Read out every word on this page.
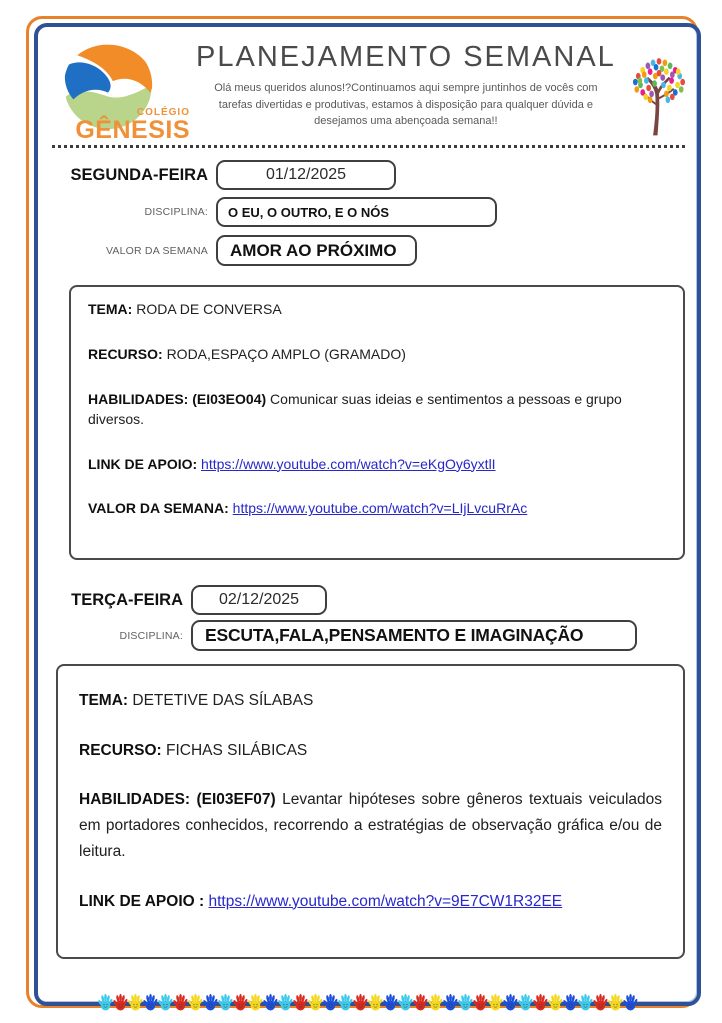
COLÉGIO
GÊNESIS
PLANEJAMENTO SEMANAL

Olá meus queridos alunos!?Continuamos aqui sempre juntinhos de vocês com tarefas divertidas e produtivas, estamos à disposição para qualquer dúvida e desejamos uma abençoada semana!!

SEGUNDA-FEIRA	01/12/2025
DISCIPLINA:	O EU, O OUTRO, E O NÓS
VALOR DA SEMANA	AMOR AO PRÓXIMO

TEMA: RODA DE CONVERSA

RECURSO: RODA,ESPAÇO AMPLO (GRAMADO)

HABILIDADES: (EI03EO04) Comunicar suas ideias e sentimentos a pessoas e grupo diversos.

LINK DE APOIO: https://www.youtube.com/watch?v=eKgOy6yxtlI

VALOR DA SEMANA: https://www.youtube.com/watch?v=LIjLvcuRrAc

TERÇA-FEIRA	02/12/2025
DISCIPLINA:	ESCUTA,FALA,PENSAMENTO E IMAGINAÇÃO

TEMA: DETETIVE DAS SÍLABAS

RECURSO: FICHAS SILÁBICAS

HABILIDADES: (EI03EF07) Levantar hipóteses sobre gêneros textuais veiculados em portadores conhecidos, recorrendo a estratégias de observação gráfica e/ou de leitura.

LINK DE APOIO : https://www.youtube.com/watch?v=9E7CW1R32EE
